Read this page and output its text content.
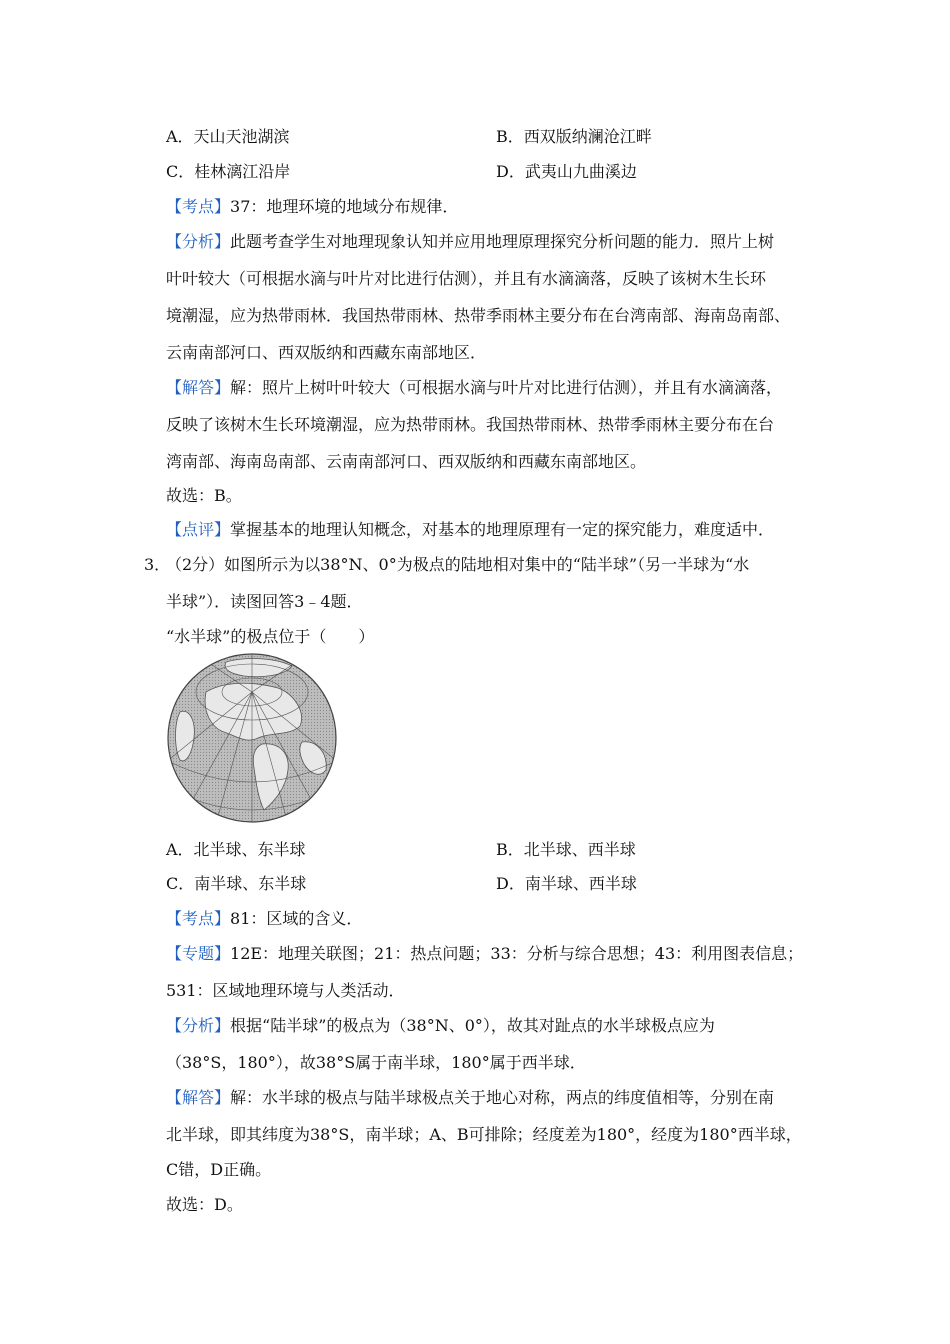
A．天山天池湖滨	B．西双版纳澜沧江畔
C．桂林漓江沿岸	D．武夷山九曲溪边
【考点】37：地理环境的地域分布规律．
【分析】此题考查学生对地理现象认知并应用地理原理探究分析问题的能力．照片上树
叶叶较大（可根据水滴与叶片对比进行估测），并且有水滴滴落，反映了该树木生长环
境潮湿，应为热带雨林．我国热带雨林、热带季雨林主要分布在台湾南部、海南岛南部、
云南南部河口、西双版纳和西藏东南部地区．
【解答】解：照片上树叶叶较大（可根据水滴与叶片对比进行估测），并且有水滴滴落，
反映了该树木生长环境潮湿，应为热带雨林。我国热带雨林、热带季雨林主要分布在台
湾南部、海南岛南部、云南南部河口、西双版纳和西藏东南部地区。
故选：B。
【点评】掌握基本的地理认知概念，对基本的地理原理有一定的探究能力，难度适中．
3．
（2分）如图所示为以38°N、0°为极点的陆地相对集中的“陆半球”（另一半球为“水
半球”）．读图回答3﹣4题．
“水半球”的极点位于（　　）
A．北半球、东半球	B．北半球、西半球
C．南半球、东半球	D．南半球、西半球
【考点】81：区域的含义．
【专题】12E：地理关联图；21：热点问题；33：分析与综合思想；43：利用图表信息；
531：区域地理环境与人类活动．
【分析】根据“陆半球”的极点为（38°N、0°），故其对趾点的水半球极点应为
（38°S，180°），故38°S属于南半球，180°属于西半球．
【解答】解：水半球的极点与陆半球极点关于地心对称，两点的纬度值相等，分别在南
北半球，即其纬度为38°S，南半球；A、B可排除；经度差为180°，经度为180°西半球，
C错，D正确。
故选：D。
